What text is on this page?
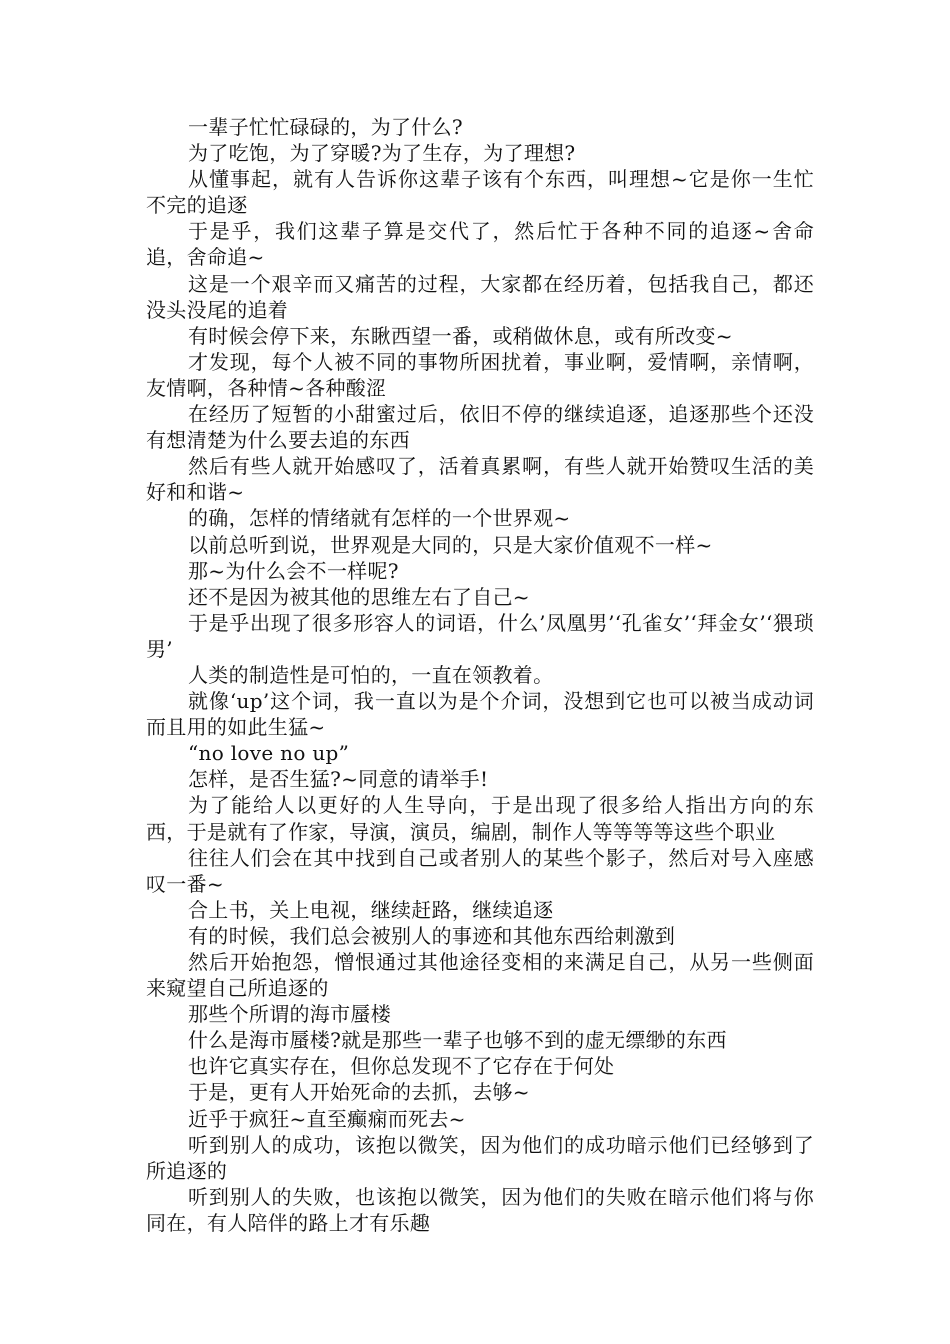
一辈子忙忙碌碌的，为了什么?

为了吃饱，为了穿暖?为了生存，为了理想?

从懂事起，就有人告诉你这辈子该有个东西，叫理想~它是你一生忙不完的追逐

于是乎，我们这辈子算是交代了，然后忙于各种不同的追逐~舍命追，舍命追~

这是一个艰辛而又痛苦的过程，大家都在经历着，包括我自己，都还没头没尾的追着

有时候会停下来，东瞅西望一番，或稍做休息，或有所改变~

才发现，每个人被不同的事物所困扰着，事业啊，爱情啊，亲情啊，友情啊，各种情~各种酸涩

在经历了短暂的小甜蜜过后，依旧不停的继续追逐，追逐那些个还没有想清楚为什么要去追的东西

然后有些人就开始感叹了，活着真累啊，有些人就开始赞叹生活的美好和和谐~

的确，怎样的情绪就有怎样的一个世界观~

以前总听到说，世界观是大同的，只是大家价值观不一样~

那~为什么会不一样呢?

还不是因为被其他的思维左右了自己~

于是乎出现了很多形容人的词语，什么’凤凰男’‘孔雀女’‘拜金女’‘猥琐男’

人类的制造性是可怕的，一直在领教着。

就像‘up’这个词，我一直以为是个介词，没想到它也可以被当成动词而且用的如此生猛~

“no love no up”

怎样，是否生猛?~同意的请举手!

为了能给人以更好的人生导向，于是出现了很多给人指出方向的东西，于是就有了作家，导演，演员，编剧，制作人等等等等这些个职业

往往人们会在其中找到自己或者别人的某些个影子，然后对号入座感叹一番~

合上书，关上电视，继续赶路，继续追逐

有的时候，我们总会被别人的事迹和其他东西给刺激到

然后开始抱怨，憎恨通过其他途径变相的来满足自己，从另一些侧面来窥望自己所追逐的

那些个所谓的海市蜃楼

什么是海市蜃楼?就是那些一辈子也够不到的虚无缥缈的东西

也许它真实存在，但你总发现不了它存在于何处

于是，更有人开始死命的去抓，去够~

近乎于疯狂~直至癫痫而死去~

听到别人的成功，该抱以微笑，因为他们的成功暗示他们已经够到了所追逐的

听到别人的失败，也该抱以微笑，因为他们的失败在暗示他们将与你同在，有人陪伴的路上才有乐趣
